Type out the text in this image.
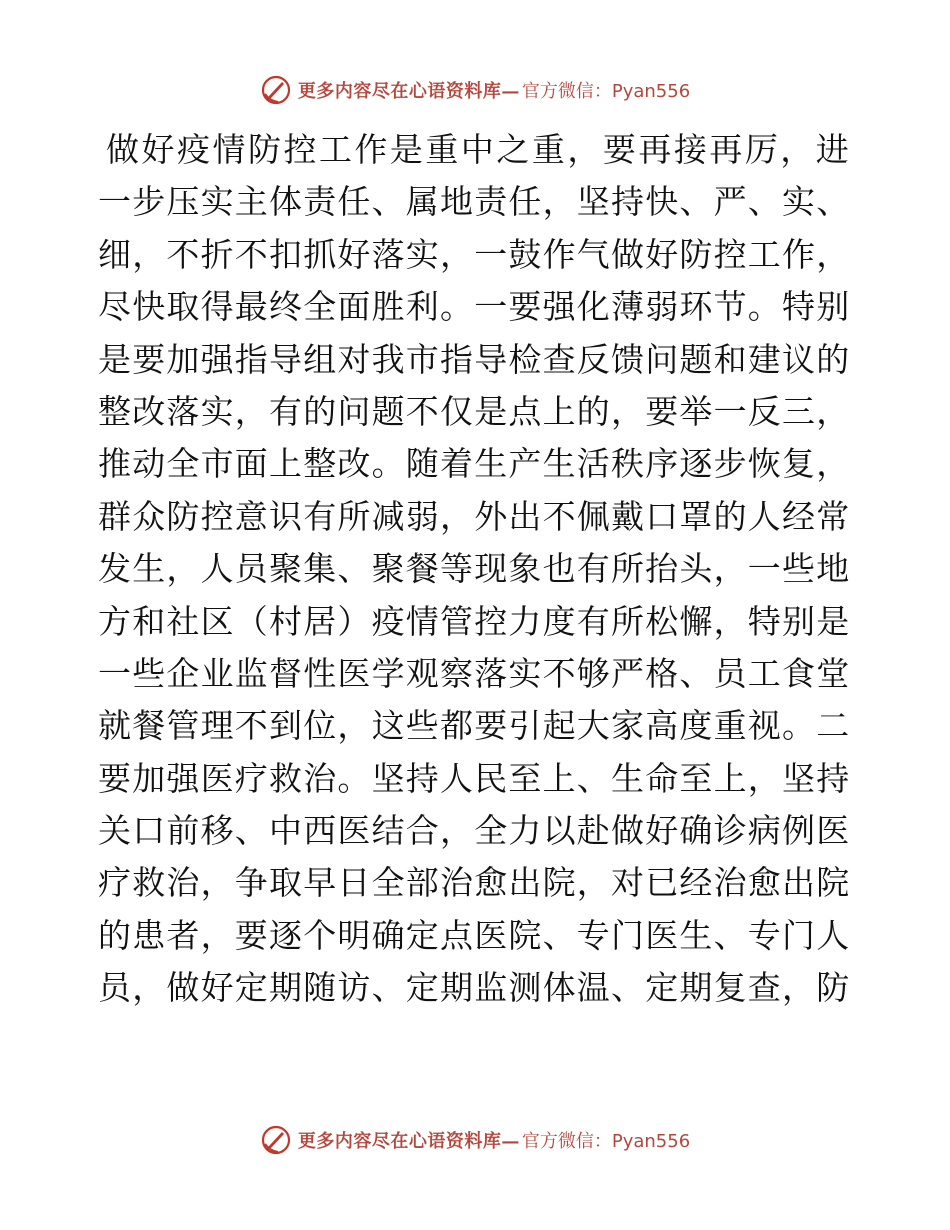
更多内容尽在心语资料库— 官方微信：Pyan556
做好疫情防控工作是重中之重，要再接再厉，进
一步压实主体责任、属地责任，坚持快、严、实、
细，不折不扣抓好落实，一鼓作气做好防控工作，
尽快取得最终全面胜利。一要强化薄弱环节。特别
是要加强指导组对我市指导检查反馈问题和建议的
整改落实，有的问题不仅是点上的，要举一反三，
推动全市面上整改。随着生产生活秩序逐步恢复，
群众防控意识有所减弱，外出不佩戴口罩的人经常
发生，人员聚集、聚餐等现象也有所抬头，一些地
方和社区（村居）疫情管控力度有所松懈，特别是
一些企业监督性医学观察落实不够严格、员工食堂
就餐管理不到位，这些都要引起大家高度重视。二
要加强医疗救治。坚持人民至上、生命至上，坚持
关口前移、中西医结合，全力以赴做好确诊病例医
疗救治，争取早日全部治愈出院，对已经治愈出院
的患者，要逐个明确定点医院、专门医生、专门人
员，做好定期随访、定期监测体温、定期复查，防
更多内容尽在心语资料库— 官方微信：Pyan556
